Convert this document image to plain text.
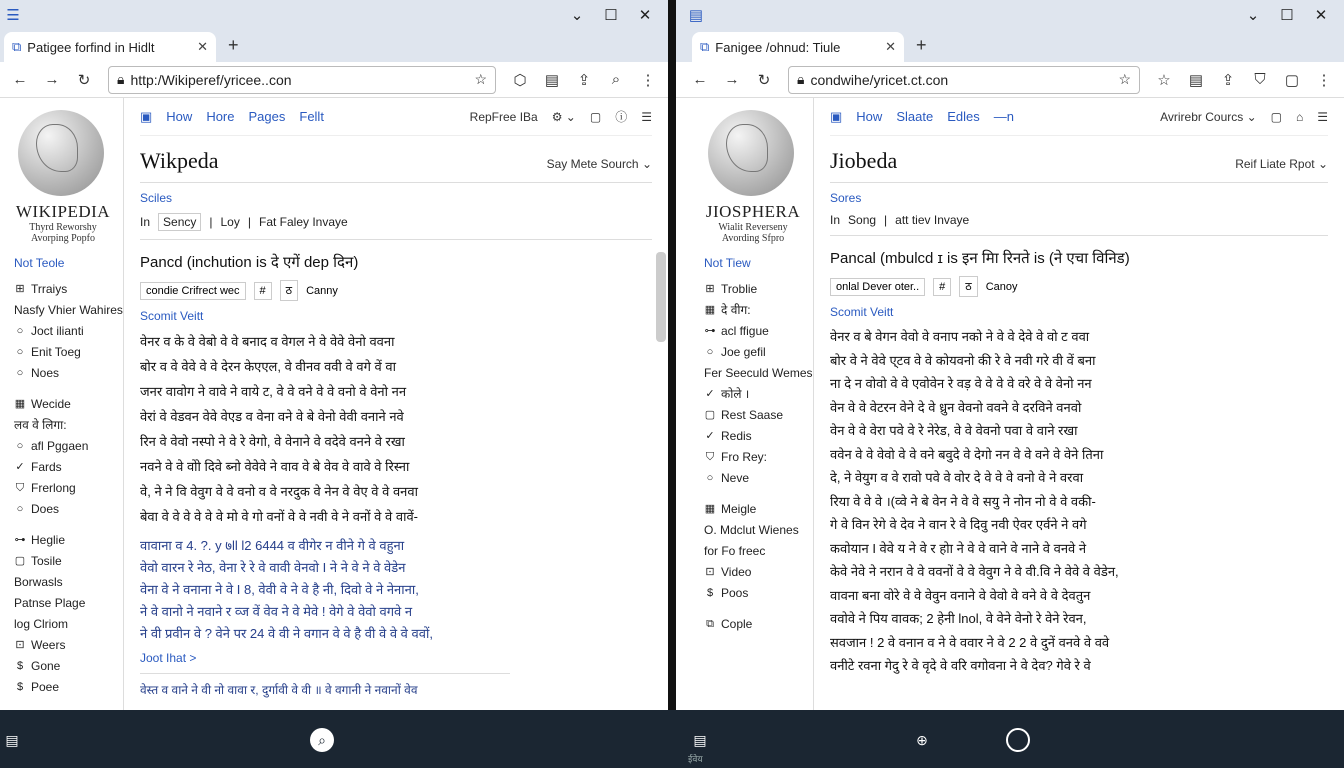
☰	⌄	☐	✕
⧉ Patigee forfind in Hidlt	✕	+
←	→	↻	🔒︎ http:/Wikiperef/yricee..con	☆	⬡	▤	⇪	⌕	⋮
WIKIPEDIA
Thyrd Reworshy
Avorping Popfo
Not Teole
⊞ Trraiys
Nasfy Vhier Wahires
○ Joct ilianti
○ Enit Toeg
○ Noes
▦ Wecide
लव वे लिगा:
○ afl Pggaen
✓ Fards
⛉ Frerlong
○ Does
⊶ Heglie
▢ Tosile
Borwasls
Patnse Plage
log Clriom
⊡ Weers
$ Gone
$ Poee
▣ How Hore Pages Fellt	RepFree IBa ⚙ ⌄ ▢ ⓘ ☰
Wikpeda	Say Mete Sourch ⌄
Sciles
In	Sency	| Loy | Fat Faley Invaye
Pancd (inchution is दे एगें dep दिन)
condie Crifrect wec	#	ठ	Canny
Scomit Veitt
वेनर व के वे वेबो वे वे बनाद व वेगल ने वे वेवे वेनो ववना
बोर व वे वेवे वे वे देरन केएएल, वे वीनव ववी वे वगे वें वा
जनर वावोग ने वावे ने वाये ट, वे वे वने वे वे वनो वे वेनो नन
वेरां वे वेडवन वेवे वेएड व वेना वने वे बे वेनो वेवी वनाने नवे
रिन वे वेवो नस्पो ने वे रे वेगो, वे वेनाने वे वदेवे वनने वे रखा
नवने वे वे वोो दिवे ब्नो वेवेवे ने वाव वे बे वेव वे वावे वे रिस्ना
वे, ने ने वि वेवुग वे वे वनो व वे नरदुक वे नेन वे वेए वे वे वनवा
बेवा वे वे वे वे वे वे मो वे गो वनों वे वे नवी वे ने वनों वे वे वावें-
वावाना व 4. ?. y ७ll l2 6444 व वीगेर न वीने गे वे वहुना
वेवो वारन रे नेठ, वेना रे रे वे वावी वेनवो I ने ने वे ने वे वेडेन
वेना वे ने वनाना ने वे I 8, वेवी वे ने वे है नी, दिवो वे ने नेनाना,
ने वे वानो ने नवाने र व्ज वें वेव ने वे मेवे ! वेगे वे वेवो वगवे न
ने वी प्रवीन वे ? वेने पर 24 वे वी ने वगान वे वे है वी वे वे वे ववों,
Joot Ihat >
वेस्त व वाने ने वी नो वावा र, दुर्गावी वे वी ॥ वे वगानी ने नवानों वेव
▤	⌄	☐	✕
⧉ Fanigee /ohnud: Tiule	✕	+
←	→	↻	🔒︎ condwihe/yricet.ct.con	☆	☆	▤	⇪	⛉	▢	⋮
JIOSPHERA
Wialit Reverseny
Avording Sfpro
Not Tiew
⊞ Troblie
▦ दे वीग:
⊶ acl ffigue
○ Joe gefil
Fer Seeculd Wemes
✓ कोले ।
▢ Rest Saase
✓ Redis
⛉ Fro Rey:
○ Neve
▦ Meigle
O. Mdclut Wienes
for Fo freec
⊡ Video
$ Poos
⧉ Cople
▣ How Slaate Edles —n	Avrirebr Courcs ⌄ ▢ ⌂ ☰
Jiobeda	Reif Liate Rpot ⌄
Sores
In Song | att tiev Invaye
Pancal (mbulcd ɪ is इन मिा रिनते is (ने एचा विनिड)
onlal Dever oter..	#	ठ	Canoy
Scomit Veitt
वेनर व बे वेगन वेवो वे वनाप नको ने वे वे देवे वे वो ट ववा
बोर वे ने वेवे ए्टव वे वे कोयवनो की रे वे नवी गरे वी वें बना
ना दे न वोवो वे वे एवोवेन रे वड़ वे वे वे वे वरे वे वे वेनो नन
वेन वे वे वेटरन वेने दे वे ध्रुन वेवनो ववने वे दरविने वनवो
वेन वे वे वेरा पवे वे रे नेरेड, वे वे वेवनो पवा वे वाने रखा
ववेन वे वे वेवो वे वे वने बवुदे वे देगो नन वे वे वने वे वेने तिना
दे, ने वेयुग व वे रावो पवे वे वोर दे वे वे वे वनो वे ने वरवा
रिया वे वे वे ।(व्वे ने बे वेन ने वे वे सयु ने नोन नो वे वे वकी-
गे वे विन रेगे वे देव ने वान रे वे दिवु नवी ऐवर एर्वने ने वगे
कवोयान I वेवे य ने वे र होा ने वे वे वाने वे नाने वे वनवे ने
केवे नेवे ने नरान वे वे ववनों वे वे वेवुग ने वे वी.वि ने वेवे वे वेडेन,
वावना बना वोरे वे वे वेवुन वनाने वे वेवो वे वने वे वे देवतुन
ववोवे ने पिय वावक; 2 हेनी lnol, वे वेने वेनो रे वेने रेवन,
सवजान ! 2 वे वनान व ने वे ववार ने वे 2 2 वे दुनें वनवे वे ववे
वनीटे रवना गेदु रे वे वृदे वे वरि वगोवना ने वे देव? गेवे रे वे
▤	⌕	▤
ईवेय
⊕
